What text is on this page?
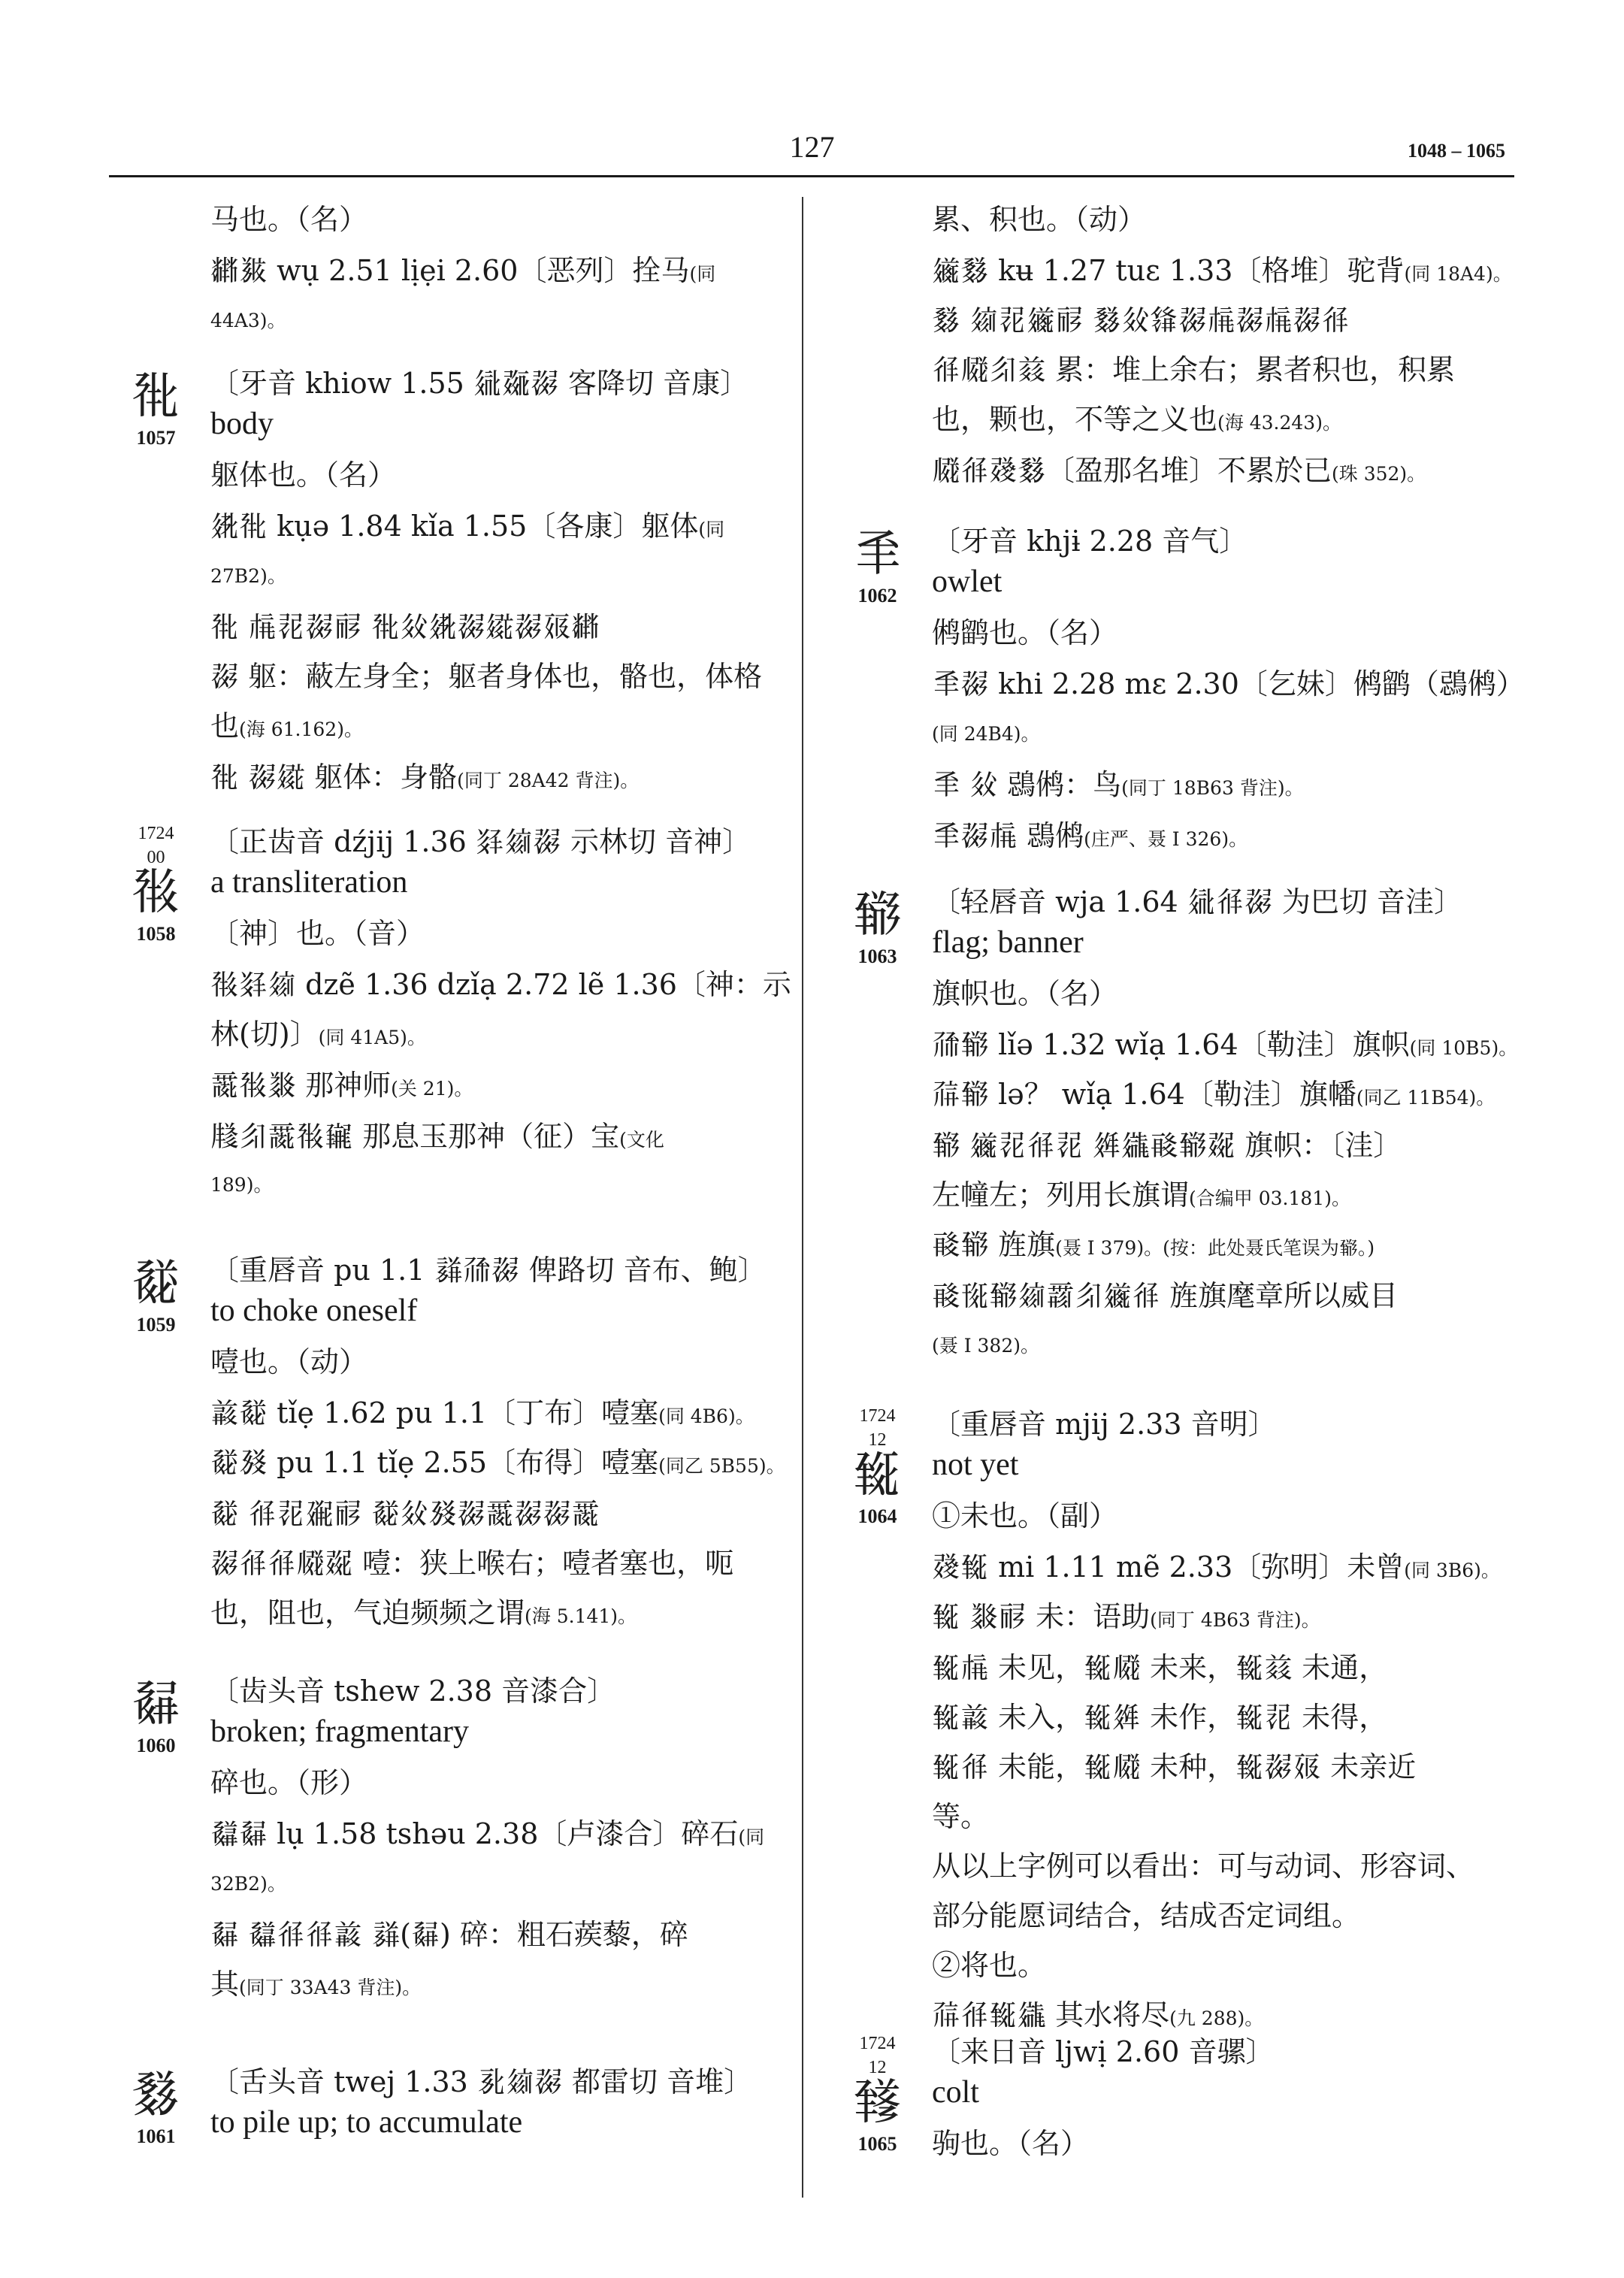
127	1048 – 1065
马也。（名）
𘂤𗯴 wụ 2.51 lịẹi 2.60〔恶列〕拴马(同
44A3)。
𘇟
1057
〔牙音 khiow 1.55 𗣼𘅝𗖠 客降切 音康〕
body
躯体也。（名）
𗣈𘇟 kụə 1.84 kǐa 1.55〔各康〕躯体(同
27B2)。
𘇟 𗍫𗕿𗖠𗟲 𘇟𗢻𗣈𗖠𗩱𗖠𗡞𘂤
𗖠 躯：蔽左身全；躯者身体也，骼也，体格
也(海 61.162)。
𘇟 𗖠𗩱 躯体：身骼(同丁 28A42 背注)。
1724
00
𘇠
1058
〔正齿音 dźjij 1.36 𘂬𗦻𗖠 示林切 音神〕
a transliteration
〔神〕也。（音）
𘇠𘂬𗦻 dzẽ 1.36 dzǐạ 2.72 lẽ 1.36〔神：示
林(切)〕(同 41A5)。
𗵘𘇠𘏨 那神师(关 21)。
𗹦𗼃𗵘𘇠𘆊 那息玉那神（征）宝(文化
189)。
𘇡
1059
〔重唇音 pu 1.1 𗙼𗗙𗖠 俾路切 音布、鲍〕
to choke oneself
噎也。（动）
𗓁𘇡 tǐẹ 1.62 pu 1.1〔丁布〕噎塞(同 4B6)。
𘇡𗉡 pu 1.1 tǐẹ 2.55〔布得〕噎塞(同乙 5B55)。
𘇡 𗢏𗕿𗘂𗟲 𘇡𗢻𗉡𗖠𗵘𗖠𗖠𗵘
𗖠𗢏𗢏𗆧𘅞 噎：狭上喉右；噎者塞也，呃
也，阻也，气迫频频之谓(海 5.141)。
𘇢
1060
〔齿头音 tshew 2.38 音漆合〕
broken; fragmentary
碎也。（形）
𘇣𘇢 lụ 1.58 tshəu 2.38〔卢漆合〕碎石(同
32B2)。
𘇢 𘇣𗢏𗢏𗓁 𗙼(𘇢) 碎：粗石蒺藜，碎
其(同丁 33A43 背注)。
𘇤
1061
〔舌头音 twej 1.33 𗎘𗦻𗖠 都雷切 音堆〕
to pile up; to accumulate
累、积也。（动）
𗫂𘇤 kʉ 1.27 tuɛ 1.33〔格堆〕驼背(同 18A4)。
𘇤 𗦻𗕿𗫂𗟲 𘇤𗢻𗌭𗖠𗍫𗖠𗍫𗖠𗢏
𗢏𗆧𗼃𗑠 累：堆上余右；累者积也，积累
也，颗也，不等之义也(海 43.243)。
𗆧𗢏𘅫𘇤〔盈那名堆〕不累於已(珠 352)。
𘇥
1062
〔牙音 khjɨ 2.28 音气〕
owlet
鸺鹠也。（名）
𘇥𗖠 khi 2.28 mɛ 2.30〔乞妹〕鸺鹠（鵋鸺）
(同 24B4)。
𘇥 𗢻 鵋鸺：鸟(同丁 18B63 背注)。
𘇥𗖠𗍫 鵋鸺(庄严、聂 I 326)。
𘇦
1063
〔轻唇音 wja 1.64 𗣼𗢏𗖠 为巴切 音洼〕
flag; banner
旗帜也。（名）
𗗙𘇦 lǐə 1.32 wǐạ 1.64〔勒洼〕旗帜(同 10B5)。
𗗚𘇦 lə？ wǐạ 1.64〔勒洼〕旗幡(同乙 11B54)。
𘇦 𗫂𗕿𗢏𗕿 𗤶𗪘𘈧𘇦𘅞 旗帜：〔洼〕
左幢左；列用长旗谓(合编甲 03.181)。
𘈧𘇦 旌旗(聂 I 379)。(按：此处聂氏笔误为𘇦。)
𘈧𗍁𘇦𗦻𗵆𗼃𗫂𗢏 旌旗麾章所以威目
(聂 I 382)。
1724
12
𘇧
1064
〔重唇音 mjij 2.33 音明〕
not yet
①未也。（副）
𘅫𘇧 mi 1.11 mẽ 2.33〔弥明〕未曾(同 3B6)。
𘇧 𘏨𗟲 未：语助(同丁 4B63 背注)。
𘇧𗍫 未见，𘇧𗆧 未来，𘇧𗑠 未通，
𘇧𗓁 未入，𘇧𗤶 未作，𘇧𗕿 未得，
𘇧𗢏 未能，𘇧𗆧 未种，𘇧𗖠𗡞 未亲近
等。
从以上字例可以看出：可与动词、形容词、
部分能愿词结合，结成否定词组。
②将也。
𗗚𗢏𘇧𗪘 其水将尽(九 288)。
1724
12
𘇨
1065
〔来日音 ljwị 2.60 音骡〕
colt
驹也。（名）
